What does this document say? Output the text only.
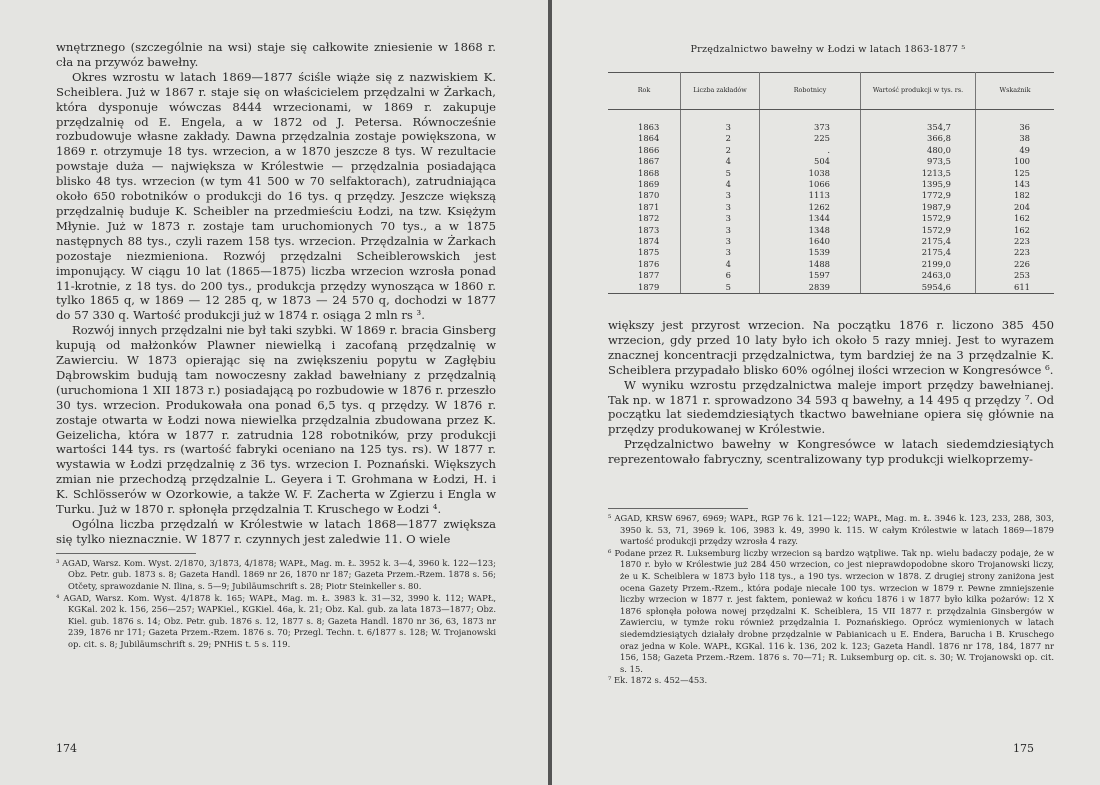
wnętrznego (szczególnie na wsi) staje się całkowite zniesienie w 1868 r. cła na przywóz bawełny.

Okres wzrostu w latach 1869—1877 ściśle wiąże się z nazwiskiem K. Scheiblera. Już w 1867 r. staje się on właścicielem przędzalni w Żarkach, która dysponuje wówczas 8444 wrzecionami, w 1869 r. zakupuje przędzalnię od E. Engela, a w 1872 od J. Petersa. Równocześnie rozbudowuje własne zakłady. Dawna przędzalnia zostaje powiększona, w 1869 r. otrzymuje 18 tys. wrzecion, a w 1870 jeszcze 8 tys. W rezultacie powstaje duża — największa w Królestwie — przędzalnia posiadająca blisko 48 tys. wrzecion (w tym 41 500 w 70 selfaktorach), zatrudniająca około 650 robotników o produkcji do 16 tys. q przędzy. Jeszcze większą przędzalnię buduje K. Scheibler na przedmieściu Łodzi, na tzw. Księżym Młynie. Już w 1873 r. zostaje tam uruchomionych 70 tys., a w 1875 następnych 88 tys., czyli razem 158 tys. wrzecion. Przędzalnia w Żarkach pozostaje niezmieniona. Rozwój przędzalni Scheiblerowskich jest imponujący. W ciągu 10 lat (1865—1875) liczba wrzecion wzrosła ponad 11-krotnie, z 18 tys. do 200 tys., produkcja przędzy wynosząca w 1860 r. tylko 1865 q, w 1869 — 12 285 q, w 1873 — 24 570 q, dochodzi w 1877 do 57 330 q. Wartość produkcji już w 1874 r. osiąga 2 mln rs ³.

Rozwój innych przędzalni nie był taki szybki. W 1869 r. bracia Ginsberg kupują od małżonków Plawner niewielką i zacofaną przędzalnię w Zawierciu. W 1873 opierając się na zwiększeniu popytu w Zagłębiu Dąbrowskim budują tam nowoczesny zakład bawełniany z przędzalnią (uruchomiona 1 XII 1873 r.) posiadającą po rozbudowie w 1876 r. przeszło 30 tys. wrzecion. Produkowała ona ponad 6,5 tys. q przędzy. W 1876 r. zostaje otwarta w Łodzi nowa niewielka przędzalnia zbudowana przez K. Geizelicha, która w 1877 r. zatrudnia 128 robotników, przy produkcji wartości 144 tys. rs (wartość fabryki oceniano na 125 tys. rs). W 1877 r. wystawia w Łodzi przędzalnię z 36 tys. wrzecion I. Poznański. Większych zmian nie przechodzą przędzalnie L. Geyera i T. Grohmana w Łodzi, H. i K. Schlösserów w Ozorkowie, a także W. F. Zacherta w Zgierzu i Engla w Turku. Już w 1870 r. spłonęła przędzalnia T. Kruschego w Łodzi ⁴.

Ogólna liczba przędzalń w Królestwie w latach 1868—1877 zwiększa się tylko nieznacznie. W 1877 r. czynnych jest zaledwie 11. O wiele

³ AGAD, Warsz. Kom. Wyst. 2/1870, 3/1873, 4/1878; WAPŁ, Mag. m. Ł. 3952 k. 3—4, 3960 k. 122—123; Obz. Petr. gub. 1873 s. 8; Gazeta Handl. 1869 nr 26, 1870 nr 187; Gazeta Przem.-Rzem. 1878 s. 56; Otčety, sprawozdanie N. Ilina, s. 5—9; Jubiläumschrift s. 28; Piotr Steinkeller s. 80.

⁴ AGAD, Warsz. Kom. Wyst. 4/1878 k. 165; WAPŁ, Mag. m. Ł. 3983 k. 31—32, 3990 k. 112; WAPŁ, KGKal. 202 k. 156, 256—257; WAPKiel., KGKiel. 46a, k. 21; Obz. Kal. gub. za lata 1873—1877; Obz. Kiel. gub. 1876 s. 14; Obz. Petr. gub. 1876 s. 12, 1877 s. 8; Gazeta Handl. 1870 nr 36, 63, 1873 nr 239, 1876 nr 171; Gazeta Przem.-Rzem. 1876 s. 70; Przegl. Techn. t. 6/1877 s. 128; W. Trojanowski op. cit. s. 8; Jubiläumschrift s. 29; PNHiS t. 5 s. 119.

174
Przędzalnictwo bawełny w Łodzi w latach 1863-1877 ⁵
Rok	Liczba zakładów	Robotnicy	Wartość produkcji w tys. rs.	Wskaźnik
1863	3	373	354,7	36
1864	2	225	366,8	38
1866	2	.	480,0	49
1867	4	504	973,5	100
1868	5	1038	1213,5	125
1869	4	1066	1395,9	143
1870	3	1113	1772,9	182
1871	3	1262	1987,9	204
1872	3	1344	1572,9	162
1873	3	1348	1572,9	162
1874	3	1640	2175,4	223
1875	3	1539	2175,4	223
1876	4	1488	2199,0	226
1877	6	1597	2463,0	253
1879	5	2839	5954,6	611

większy jest przyrost wrzecion. Na początku 1876 r. liczono 385 450 wrzecion, gdy przed 10 laty było ich około 5 razy mniej. Jest to wyrazem znacznej koncentracji przędzalnictwa, tym bardziej że na 3 przędzalnie K. Scheiblera przypadało blisko 60% ogólnej ilości wrzecion w Kongresówce ⁶.

W wyniku wzrostu przędzalnictwa maleje import przędzy bawełnianej. Tak np. w 1871 r. sprowadzono 34 593 q bawełny, a 14 495 q przędzy ⁷. Od początku lat siedemdziesiątych tkactwo bawełniane opiera się głównie na przędzy produkowanej w Królestwie.

Przędzalnictwo bawełny w Kongresówce w latach siedemdziesiątych reprezentowało fabryczny, scentralizowany typ produkcji wielkoprzemy-

⁵ AGAD, KRSW 6967, 6969; WAPŁ, RGP 76 k. 121—122; WAPŁ, Mag. m. Ł. 3946 k. 123, 233, 288, 303, 3950 k. 53, 71, 3969 k. 106, 3983 k. 49, 3990 k. 115. W całym Królestwie w latach 1869—1879 wartość produkcji przędzy wzrosła 4 razy.

⁶ Podane przez R. Luksemburg liczby wrzecion są bardzo wątpliwe. Tak np. wielu badaczy podaje, że w 1870 r. było w Królestwie już 284 450 wrzecion, co jest nieprawdopodobne skoro Trojanowski liczy, że u K. Scheiblera w 1873 było 118 tys., a 190 tys. wrzecion w 1878. Z drugiej strony zaniżona jest ocena Gazety Przem.-Rzem., która podaje niecałe 100 tys. wrzecion w 1879 r. Pewne zmniejszenie liczby wrzecion w 1877 r. jest faktem, ponieważ w końcu 1876 i w 1877 było kilka pożarów: 12 X 1876 spłonęła połowa nowej przędzalni K. Scheiblera, 15 VII 1877 r. przędzalnia Ginsbergów w Zawierciu, w tymże roku również przędzalnia I. Poznańskiego. Oprócz wymienionych w latach siedemdziesiątych działały drobne przędzalnie w Pabianicach u E. Endera, Barucha i B. Kruschego oraz jedna w Kole. WAPŁ, KGKal. 116 k. 136, 202 k. 123; Gazeta Handl. 1876 nr 178, 184, 1877 nr 156, 158; Gazeta Przem.-Rzem. 1876 s. 70—71; R. Luksemburg op. cit. s. 30; W. Trojanowski op. cit. s. 15.

⁷ Ek. 1872 s. 452—453.

175
